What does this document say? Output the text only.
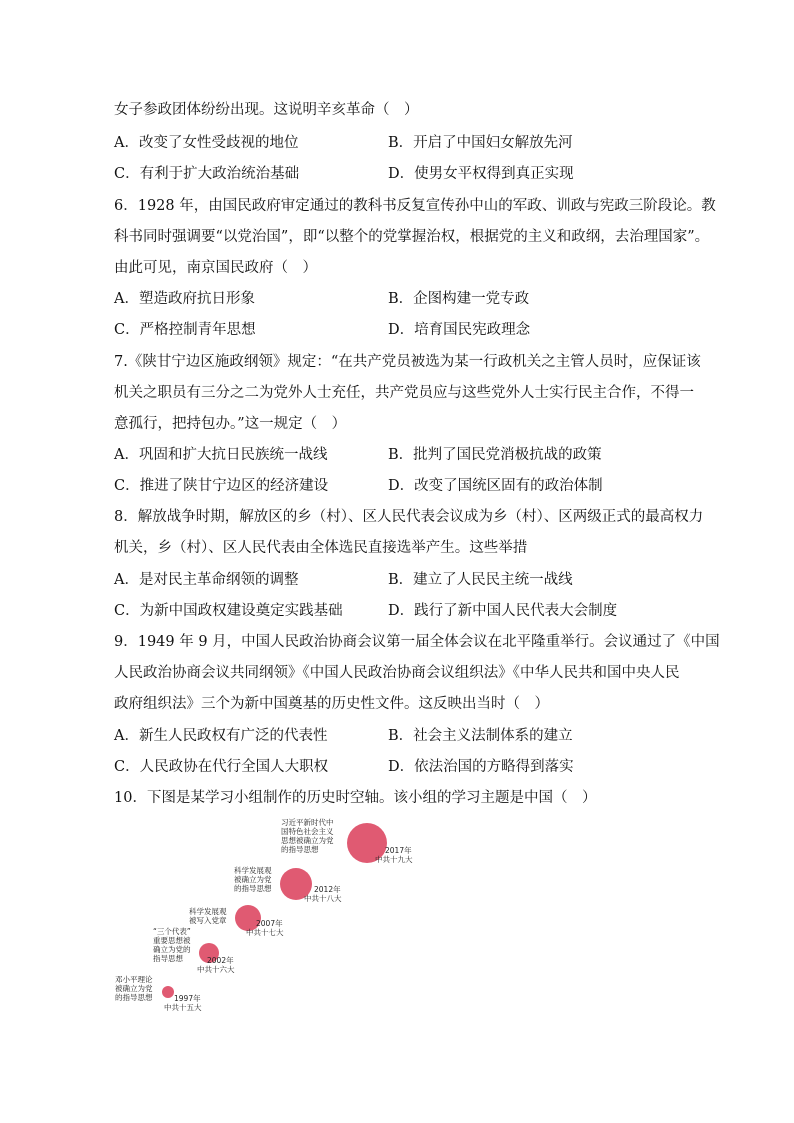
女子参政团体纷纷出现。这说明辛亥革命（　）
A．改变了女性受歧视的地位	B．开启了中国妇女解放先河
C．有利于扩大政治统治基础	D．使男女平权得到真正实现
6．1928 年，由国民政府审定通过的教科书反复宣传孙中山的军政、训政与宪政三阶段论。教
科书同时强调要“以党治国”，即“以整个的党掌握治权，根据党的主义和政纲，去治理国家”。
由此可见，南京国民政府（　）
A．塑造政府抗日形象	B．企图构建一党专政
C．严格控制青年思想	D．培育国民宪政理念
7.《陕甘宁边区施政纲领》规定：“在共产党员被选为某一行政机关之主管人员时，应保证该
机关之职员有三分之二为党外人士充任，共产党员应与这些党外人士实行民主合作，不得一
意孤行，把持包办。”这一规定（　）
A．巩固和扩大抗日民族统一战线	B．批判了国民党消极抗战的政策
C．推进了陕甘宁边区的经济建设	D．改变了国统区固有的政治体制
8．解放战争时期，解放区的乡（村）、区人民代表会议成为乡（村）、区两级正式的最高权力
机关，乡（村）、区人民代表由全体选民直接选举产生。这些举措
A．是对民主革命纲领的调整	B．建立了人民民主统一战线
C．为新中国政权建设奠定实践基础	D．践行了新中国人民代表大会制度
9．1949 年 9 月，中国人民政治协商会议第一届全体会议在北平隆重举行。会议通过了《中国
人民政治协商会议共同纲领》《中国人民政治协商会议组织法》《中华人民共和国中央人民
政府组织法》三个为新中国奠基的历史性文件。这反映出当时（　）
A．新生人民政权有广泛的代表性	B．社会主义法制体系的建立
C．人民政协在代行全国人大职权	D．依法治国的方略得到落实
10．下图是某学习小组制作的历史时空轴。该小组的学习主题是中国（　）
邓小平理论被确立为党的指导思想	1997年中共十五大
“三个代表”重要思想被确立为党的指导思想	2002年中共十六大
科学发展观被写入党章	2007年中共十七大
科学发展观被确立为党的指导思想	2012年中共十八大
习近平新时代中国特色社会主义思想被确立为党的指导思想	2017年中共十九大
